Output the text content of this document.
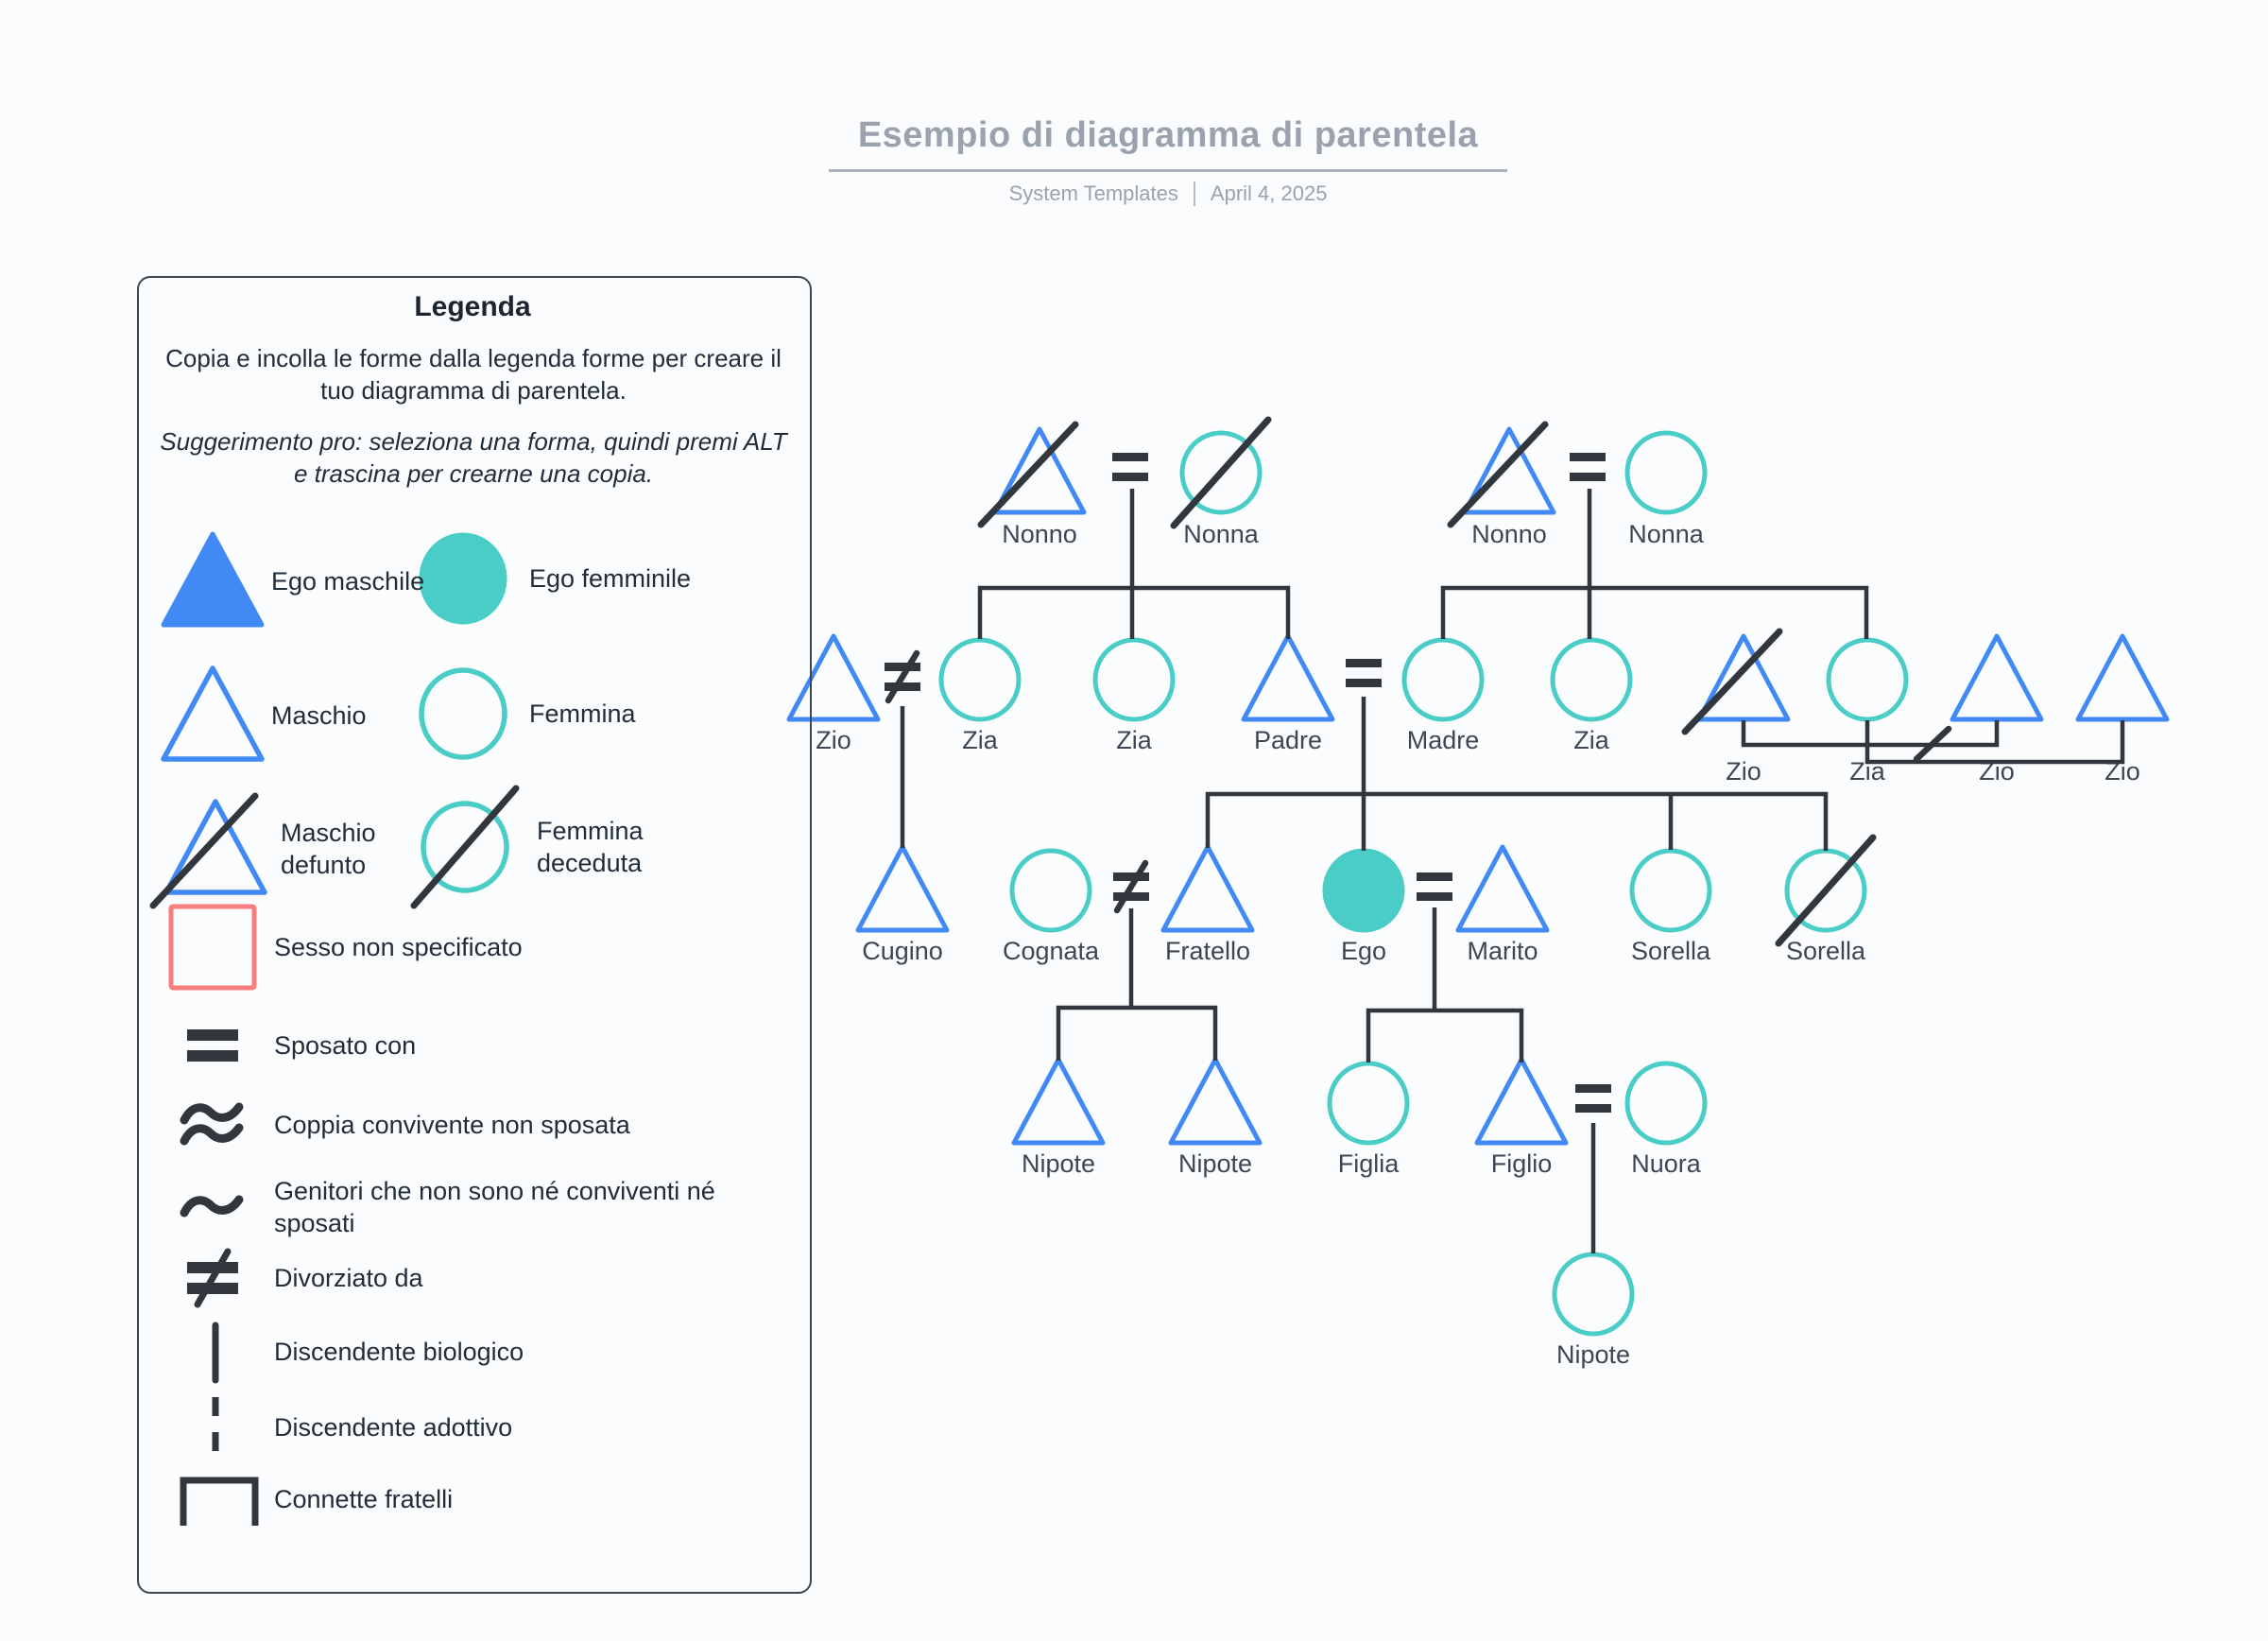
Nonno	Nonna	Nonno	Nonna
Zio	Zia	Zia	Padre	Madre	Zia
Zio	Zia	Zio	Zio
Cugino Cognata	Fratello	Ego	Marito	Sorella	Sorella
Nipote	Nipote	Figlia	Figlio	Nuora
Nipote
Esempio di diagramma di parentela
System Templates April 4, 2025
Legenda
Copia e incolla le forme dalla legenda forme per creare il tuo diagramma di parentela.
Suggerimento pro: seleziona una forma, quindi premi ALT e trascina per crearne una copia.
Ego maschile	Ego femminile
Maschio	Femmina
Maschio defunto
Femmina deceduta
Sesso non specificato
Sposato con
Coppia convivente non sposata
Genitori che non sono né conviventi né sposati
Divorziato da
Discendente biologico
Discendente adottivo
Connette fratelli
